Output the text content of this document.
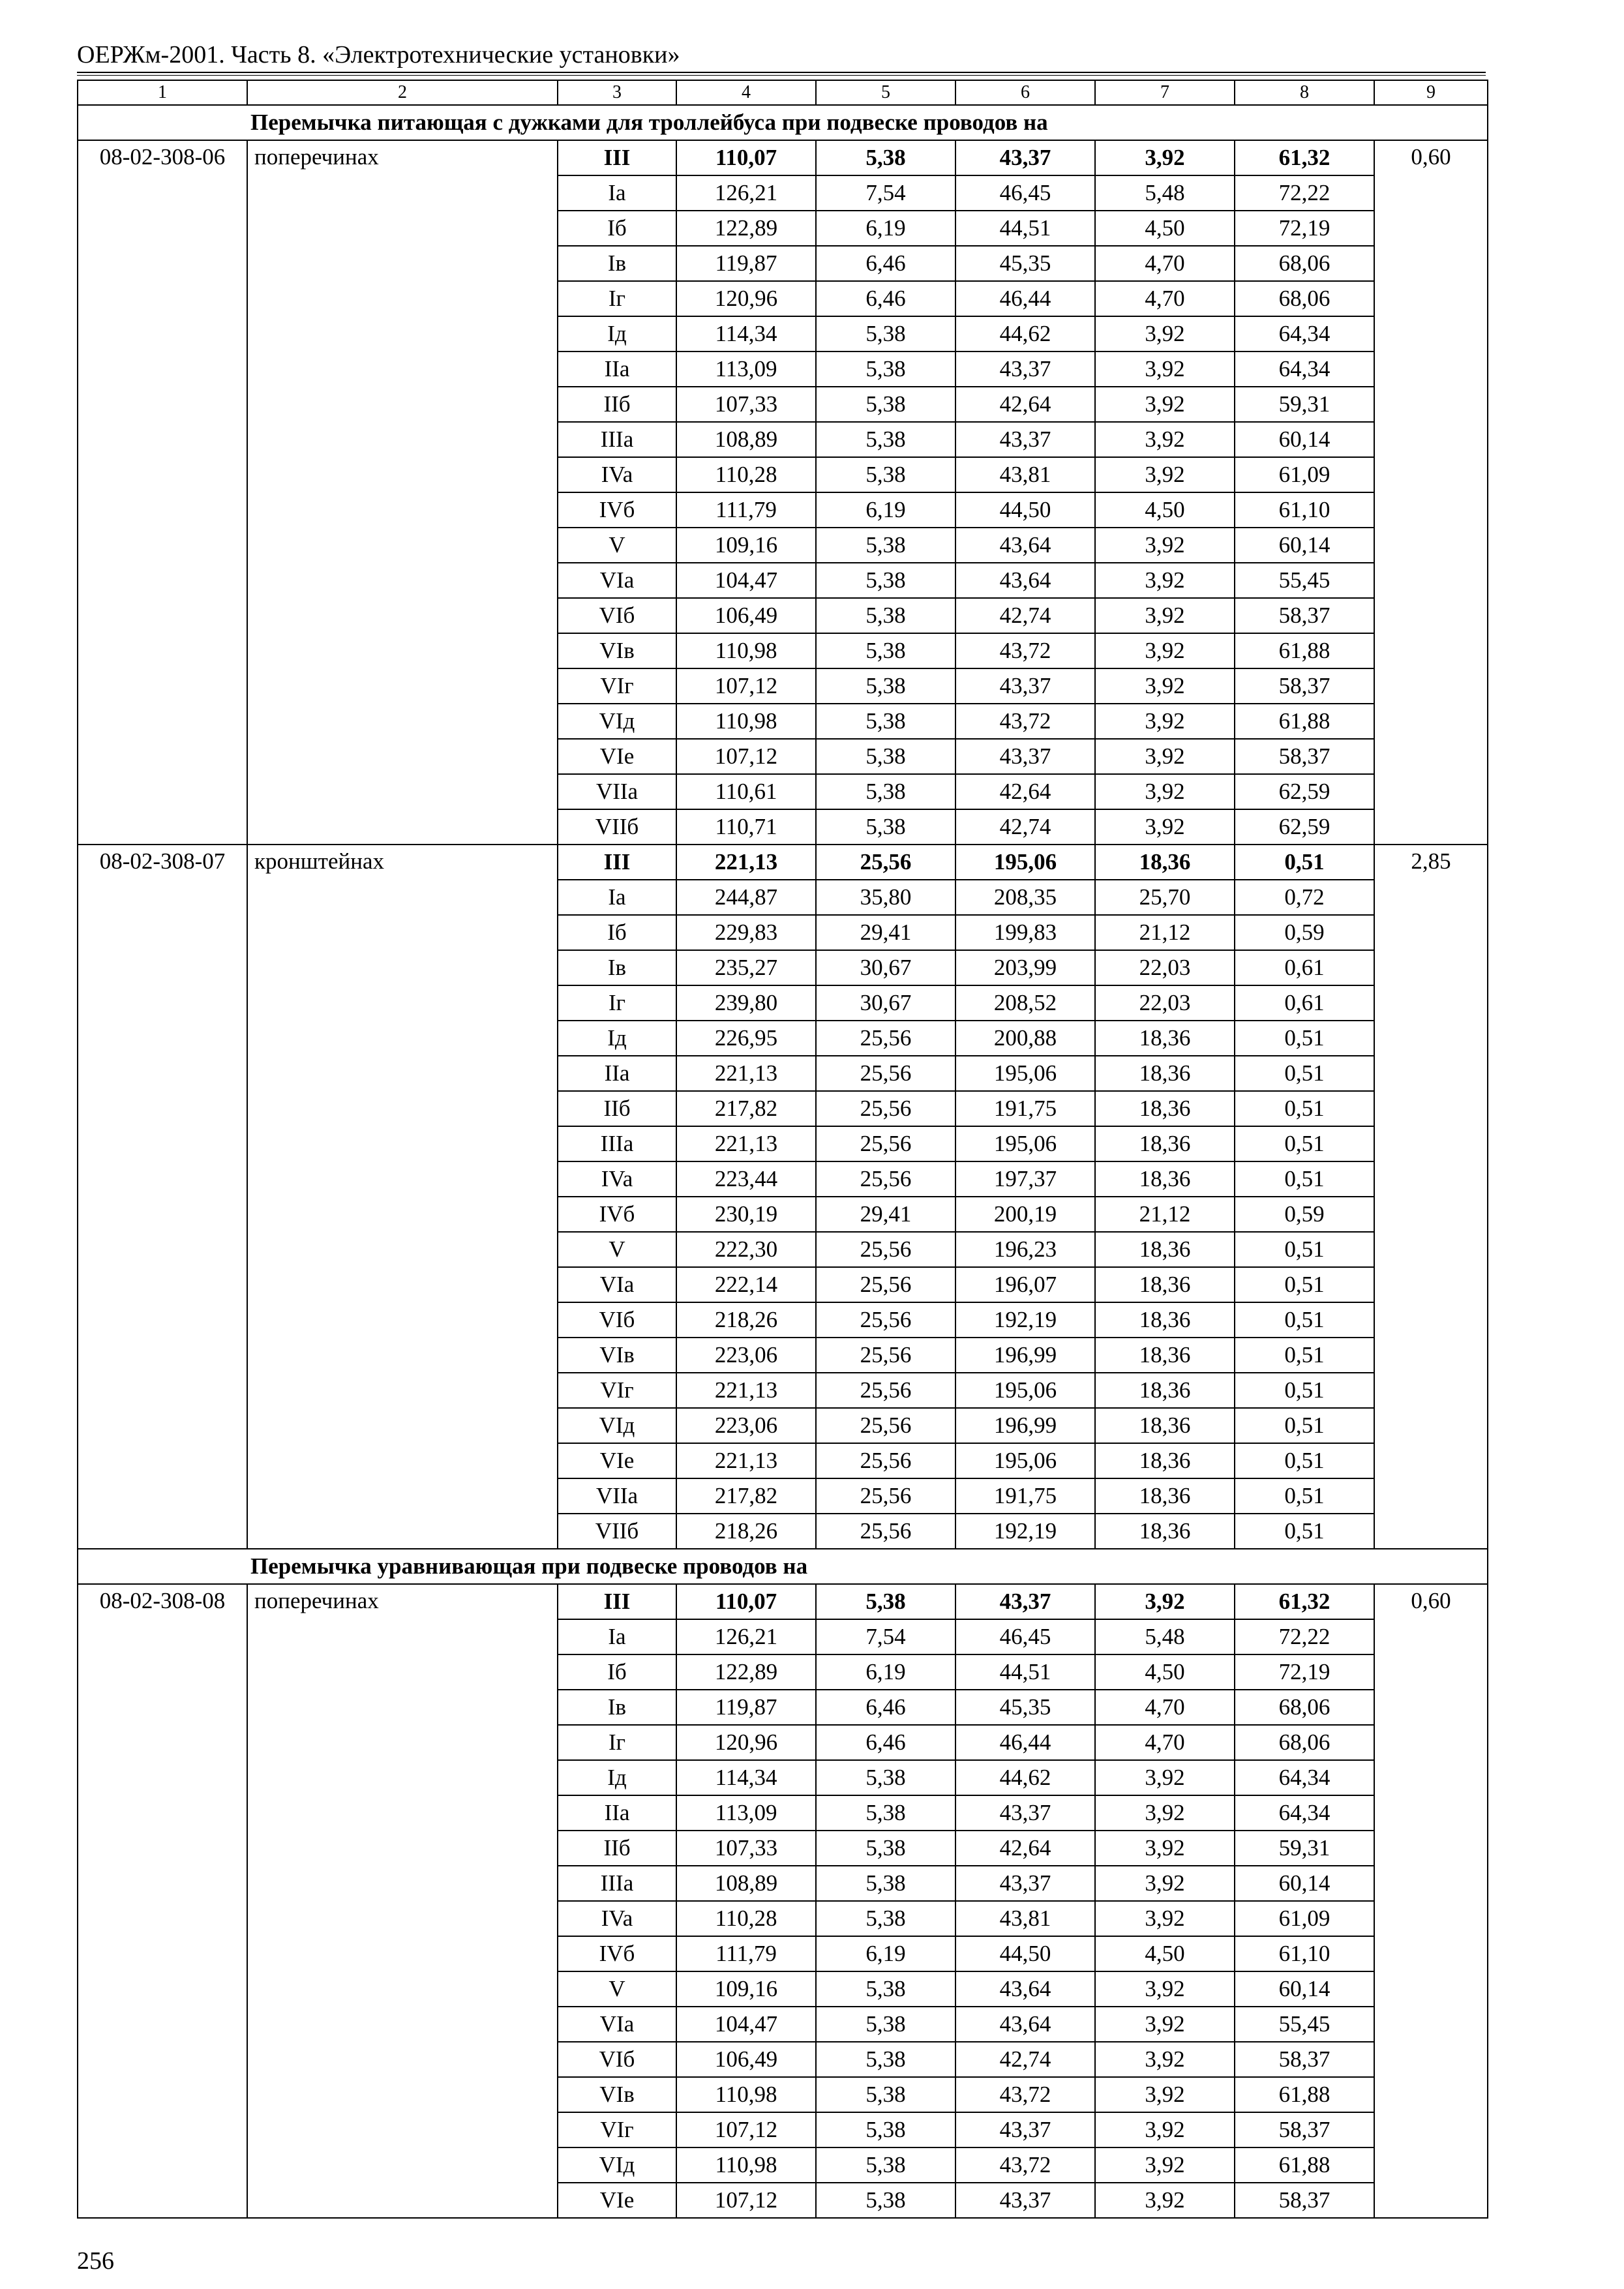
ОЕРЖм-2001. Часть 8. «Электротехнические установки»
1	2	3	4	5	6	7	8	9
Перемычка питающая с дужками для троллейбуса при подвеске проводов на								
08-02-308-06	поперечинах	III	110,07	5,38	43,37	3,92	61,32	0,60
		Ia	126,21	7,54	46,45	5,48	72,22	
		Iб	122,89	6,19	44,51	4,50	72,19	
		Iв	119,87	6,46	45,35	4,70	68,06	
		Iг	120,96	6,46	46,44	4,70	68,06	
		Iд	114,34	5,38	44,62	3,92	64,34	
		IIa	113,09	5,38	43,37	3,92	64,34	
		IIб	107,33	5,38	42,64	3,92	59,31	
		IIIa	108,89	5,38	43,37	3,92	60,14	
		IVa	110,28	5,38	43,81	3,92	61,09	
		IVб	111,79	6,19	44,50	4,50	61,10	
		V	109,16	5,38	43,64	3,92	60,14	
		VIa	104,47	5,38	43,64	3,92	55,45	
		VIб	106,49	5,38	42,74	3,92	58,37	
		VIв	110,98	5,38	43,72	3,92	61,88	
		VIг	107,12	5,38	43,37	3,92	58,37	
		VIд	110,98	5,38	43,72	3,92	61,88	
		VIe	107,12	5,38	43,37	3,92	58,37	
		VIIa	110,61	5,38	42,64	3,92	62,59	
		VIIб	110,71	5,38	42,74	3,92	62,59	
08-02-308-07	кронштейнах	III	221,13	25,56	195,06	18,36	0,51	2,85
		Ia	244,87	35,80	208,35	25,70	0,72	
		Iб	229,83	29,41	199,83	21,12	0,59	
		Iв	235,27	30,67	203,99	22,03	0,61	
		Iг	239,80	30,67	208,52	22,03	0,61	
		Iд	226,95	25,56	200,88	18,36	0,51	
		IIa	221,13	25,56	195,06	18,36	0,51	
		IIб	217,82	25,56	191,75	18,36	0,51	
		IIIa	221,13	25,56	195,06	18,36	0,51	
		IVa	223,44	25,56	197,37	18,36	0,51	
		IVб	230,19	29,41	200,19	21,12	0,59	
		V	222,30	25,56	196,23	18,36	0,51	
		VIa	222,14	25,56	196,07	18,36	0,51	
		VIб	218,26	25,56	192,19	18,36	0,51	
		VIв	223,06	25,56	196,99	18,36	0,51	
		VIг	221,13	25,56	195,06	18,36	0,51	
		VIд	223,06	25,56	196,99	18,36	0,51	
		VIe	221,13	25,56	195,06	18,36	0,51	
		VIIa	217,82	25,56	191,75	18,36	0,51	
		VIIб	218,26	25,56	192,19	18,36	0,51	
Перемычка уравнивающая при подвеске проводов на								
08-02-308-08	поперечинах	III	110,07	5,38	43,37	3,92	61,32	0,60
		Ia	126,21	7,54	46,45	5,48	72,22	
		Iб	122,89	6,19	44,51	4,50	72,19	
		Iв	119,87	6,46	45,35	4,70	68,06	
		Iг	120,96	6,46	46,44	4,70	68,06	
		Iд	114,34	5,38	44,62	3,92	64,34	
		IIa	113,09	5,38	43,37	3,92	64,34	
		IIб	107,33	5,38	42,64	3,92	59,31	
		IIIa	108,89	5,38	43,37	3,92	60,14	
		IVa	110,28	5,38	43,81	3,92	61,09	
		IVб	111,79	6,19	44,50	4,50	61,10	
		V	109,16	5,38	43,64	3,92	60,14	
		VIa	104,47	5,38	43,64	3,92	55,45	
		VIб	106,49	5,38	42,74	3,92	58,37	
		VIв	110,98	5,38	43,72	3,92	61,88	
		VIг	107,12	5,38	43,37	3,92	58,37	
		VIд	110,98	5,38	43,72	3,92	61,88	
		VIe	107,12	5,38	43,37	3,92	58,37	
256
